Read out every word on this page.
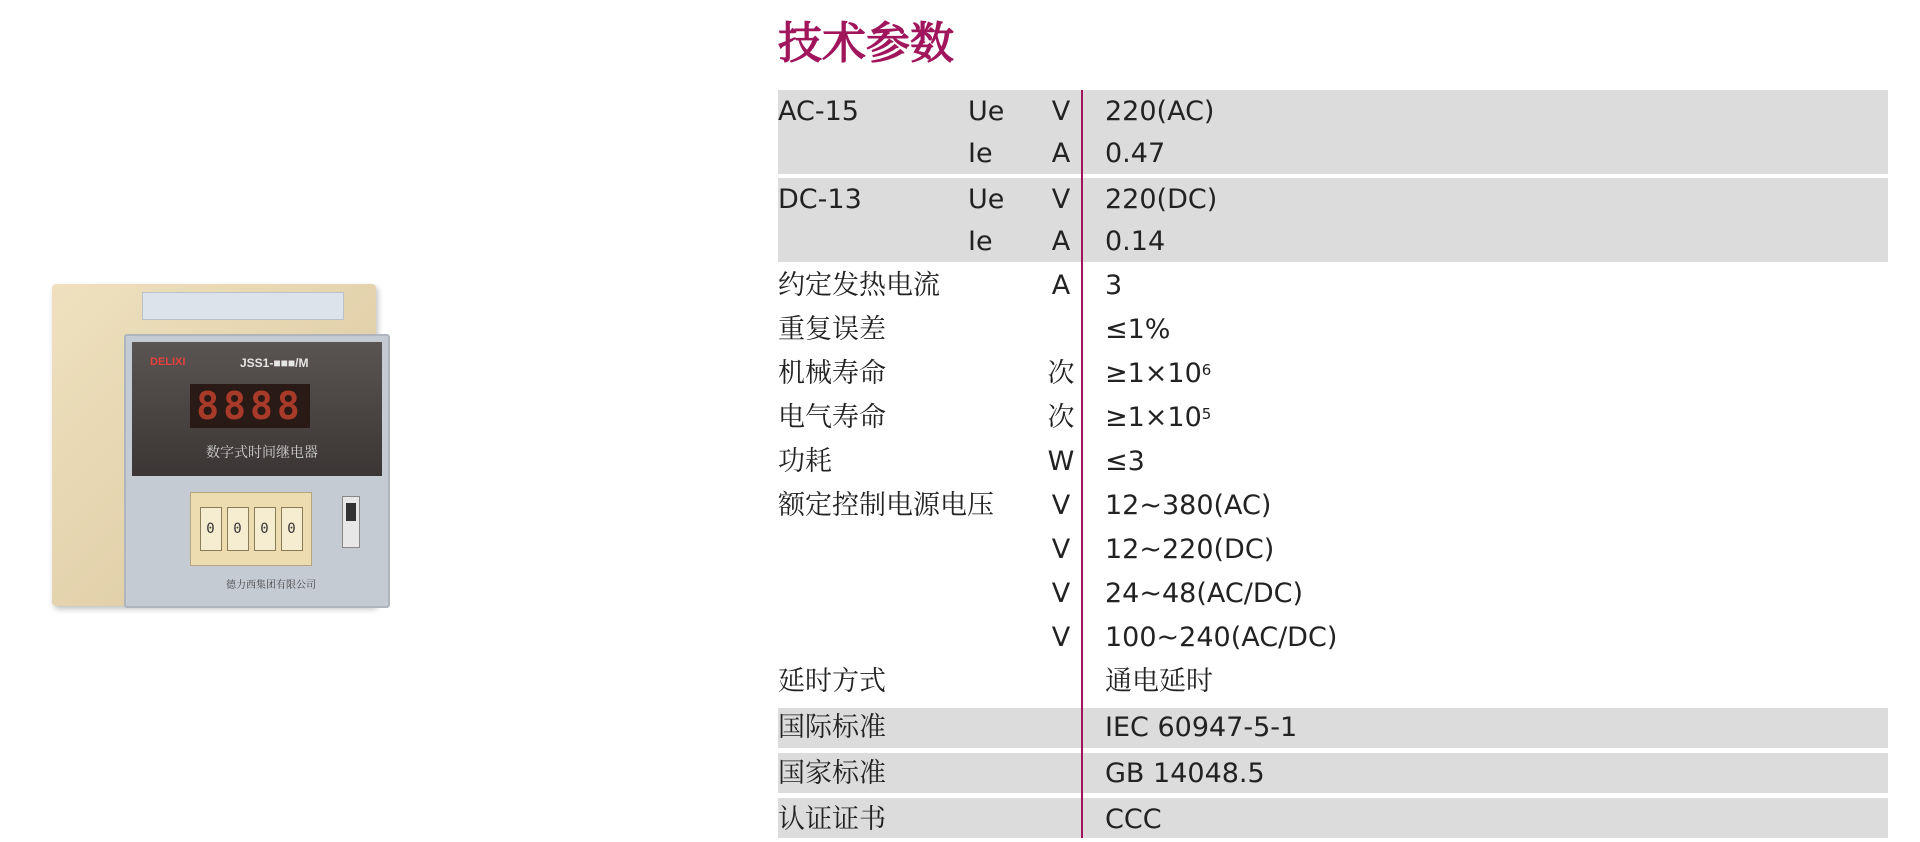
DELIXI	JSS1-■■■/M
8888
数字式时间继电器
0	0	0	0
德力西集团有限公司
技术参数
AC-15	Ue V 220(AC)
Ie A 0.47
DC-13	Ue V 220(DC)
Ie A 0.14
约定发热电流	A 3
重复误差	≤1%
机械寿命	次 $\ge 1\times 10^6$
电气寿命	次 $\ge 1\times 10^5$
功耗	W ≤3
额定控制电源电压 V 12~380(AC)
V 12~220(DC)
V 24~48(AC/DC)
V 100~240(AC/DC)
延时方式	通电延时
国际标准	IEC 60947-5-1
国家标准	GB 14048.5
认证证书	CCC
